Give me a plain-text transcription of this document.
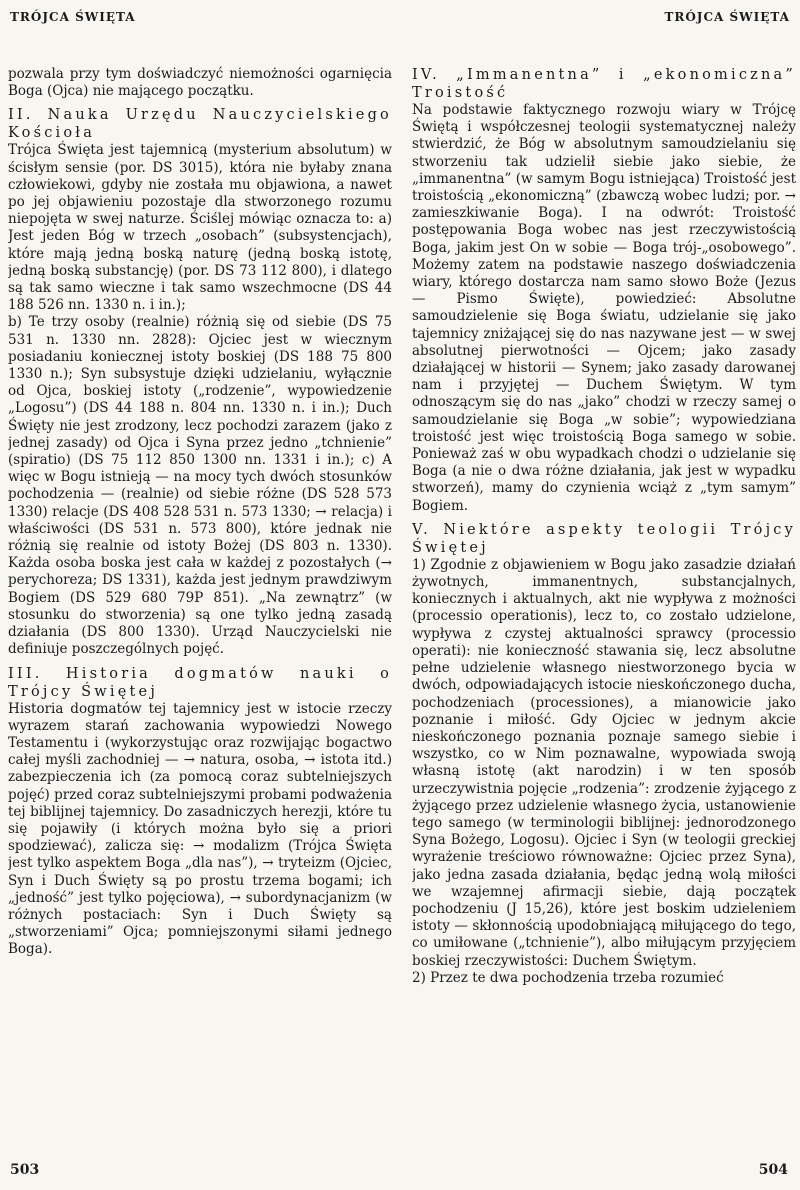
TRÓJCA ŚWIĘTA	TRÓJCA ŚWIĘTA

pozwala przy tym doświadczyć niemożności ogarnięcia Boga (Ojca) nie mającego początku.

II. Nauka Urzędu Nauczycielskiego Kościoła

Trójca Święta jest tajemnicą (mysterium absolutum) w ścisłym sensie (por. DS 3015), która nie byłaby znana człowiekowi, gdyby nie została mu objawiona, a nawet po jej objawieniu pozostaje dla stworzonego rozumu niepojęta w swej naturze. Ściślej mówiąc oznacza to: a) Jest jeden Bóg w trzech „osobach” (subsystencjach), które mają jedną boską naturę (jedną boską istotę, jedną boską substancję) (por. DS 73 112 800), i dlatego są tak samo wieczne i tak samo wszechmocne (DS 44 188 526 nn. 1330 n. i in.);

b) Te trzy osoby (realnie) różnią się od siebie (DS 75 531 n. 1330 nn. 2828): Ojciec jest w wiecznym posiadaniu koniecznej istoty boskiej (DS 188 75 800 1330 n.); Syn subsystuje dzięki udzielaniu, wyłącznie od Ojca, boskiej istoty („rodzenie”, wypowiedzenie „Logosu”) (DS 44 188 n. 804 nn. 1330 n. i in.); Duch Święty nie jest zrodzony, lecz pochodzi zarazem (jako z jednej zasady) od Ojca i Syna przez jedno „tchnienie” (spiratio) (DS 75 112 850 1300 nn. 1331 i in.); c) A więc w Bogu istnieją — na mocy tych dwóch stosunków pochodzenia — (realnie) od siebie różne (DS 528 573 1330) relacje (DS 408 528 531 n. 573 1330; → relacja) i właściwości (DS 531 n. 573 800), które jednak nie różnią się realnie od istoty Bożej (DS 803 n. 1330). Każda osoba boska jest cała w każdej z pozostałych (→ perychoreza; DS 1331), każda jest jednym prawdziwym Bogiem (DS 529 680 79P 851). „Na zewnątrz” (w stosunku do stworzenia) są one tylko jedną zasadą działania (DS 800 1330). Urząd Nauczycielski nie definiuje poszczególnych pojęć.

III. Historia dogmatów nauki o Trójcy Świętej

Historia dogmatów tej tajemnicy jest w istocie rzeczy wyrazem starań zachowania wypowiedzi Nowego Testamentu i (wykorzystując oraz rozwijając bogactwo całej myśli zachodniej — → natura, osoba, → istota itd.) zabezpieczenia ich (za pomocą coraz subtelniejszych pojęć) przed coraz subtelniejszymi probami podważenia tej biblijnej tajemnicy. Do zasadniczych herezji, które tu się pojawiły (i których można było się a priori spodziewać), zalicza się: → modalizm (Trójca Święta jest tylko aspektem Boga „dla nas”), → tryteizm (Ojciec, Syn i Duch Święty są po prostu trzema bogami; ich „jedność” jest tylko pojęciowa), → subordynacjanizm (w różnych postaciach: Syn i Duch Święty są „stworzeniami” Ojca; pomniejszonymi siłami jednego Boga).

IV. „Immanentna” i „ekonomiczna” Troistość

Na podstawie faktycznego rozwoju wiary w Trójcę Świętą i współczesnej teologii systematycznej należy stwierdzić, że Bóg w absolutnym samoudzielaniu się stworzeniu tak udzielił siebie jako siebie, że „immanentna” (w samym Bogu istniejąca) Troistość jest troistością „ekonomiczną” (zbawczą wobec ludzi; por. → zamieszkiwanie Boga). I na odwrót: Troistość postępowania Boga wobec nas jest rzeczywistością Boga, jakim jest On w sobie — Boga trój-„osobowego”. Możemy zatem na podstawie naszego doświadczenia wiary, którego dostarcza nam samo słowo Boże (Jezus — Pismo Święte), powiedzieć: Absolutne samoudzielenie się Boga światu, udzielanie się jako tajemnicy zniżającej się do nas nazywane jest — w swej absolutnej pierwotności — Ojcem; jako zasady działającej w historii — Synem; jako zasady darowanej nam i przyjętej — Duchem Świętym. W tym odnoszącym się do nas „jako” chodzi w rzeczy samej o samoudzielanie się Boga „w sobie”; wypowiedziana troistość jest więc troistością Boga samego w sobie. Ponieważ zaś w obu wypadkach chodzi o udzielanie się Boga (a nie o dwa różne działania, jak jest w wypadku stworzeń), mamy do czynienia wciąż z „tym samym” Bogiem.

V. Niektóre aspekty teologii Trójcy Świętej

1) Zgodnie z objawieniem w Bogu jako zasadzie działań żywotnych, immanentnych, substancjalnych, koniecznych i aktualnych, akt nie wypływa z możności (processio operationis), lecz to, co zostało udzielone, wypływa z czystej aktualności sprawcy (processio operati): nie konieczność stawania się, lecz absolutne pełne udzielenie własnego niestworzonego bycia w dwóch, odpowiadających istocie nieskończonego ducha, pochodzeniach (processiones), a mianowicie jako poznanie i miłość. Gdy Ojciec w jednym akcie nieskończonego poznania poznaje samego siebie i wszystko, co w Nim poznawalne, wypowiada swoją własną istotę (akt narodzin) i w ten sposób urzeczywistnia pojęcie „rodzenia”: zrodzenie żyjącego z żyjącego przez udzielenie własnego życia, ustanowienie tego samego (w terminologii biblijnej: jednorodzonego Syna Bożego, Logosu). Ojciec i Syn (w teologii greckiej wyrażenie treściowo równoważne: Ojciec przez Syna), jako jedna zasada działania, będąc jedną wolą miłości we wzajemnej afirmacji siebie, dają początek pochodzeniu (J 15,26), które jest boskim udzieleniem istoty — skłonnością upodobniającą miłującego do tego, co umiłowane („tchnienie”), albo miłującym przyjęciem boskiej rzeczywistości: Duchem Świętym.

2) Przez te dwa pochodzenia trzeba rozumieć

503	504
